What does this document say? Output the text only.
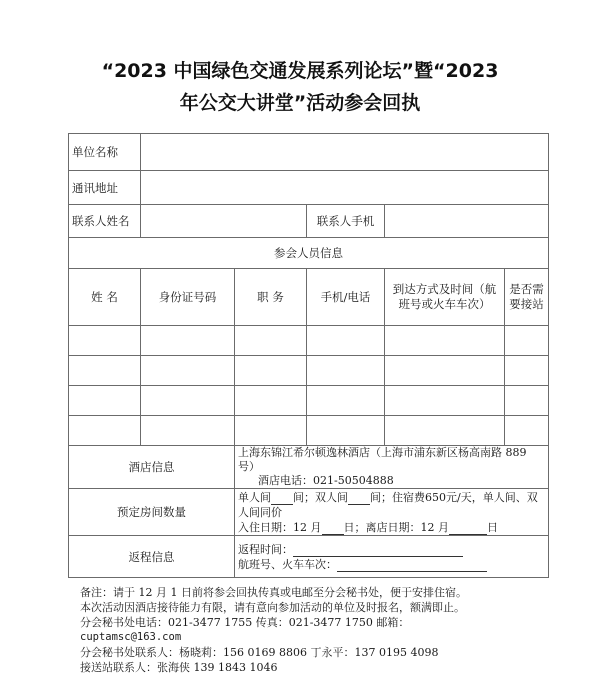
“2023 中国绿色交通发展系列论坛”暨“2023
年公交大讲堂”活动参会回执
单位名称					
通讯地址					
联系人姓名			联系人手机		
参会人员信息					
姓 名	身份证号码	职 务	手机/电话	到达方式及时间（航班号或火车车次）	是否需要接站

酒店信息		上海东锦江希尔顿逸林酒店（上海市浦东新区杨高南路 889 号）
酒店电话：021-50504888			

预定房间数量		单人间 间；双人间 间；住宿费650元/天，单人间、双人间同价
入住日期：12 月 日；离店日期：12 月 日			
返程信息		返程时间：
航班号、火车车次：			
备注：请于 12 月 1 日前将参会回执传真或电邮至分会秘书处，便于安排住宿。
本次活动因酒店接待能力有限，请有意向参加活动的单位及时报名，额满即止。
分会秘书处电话：021-3477 1755 传真：021-3477 1750 邮箱：
cuptamsc@163.com
分会秘书处联系人：杨晓莉：156 0169 8806 丁永平：137 0195 4098
接送站联系人：张海侠 139 1843 1046
